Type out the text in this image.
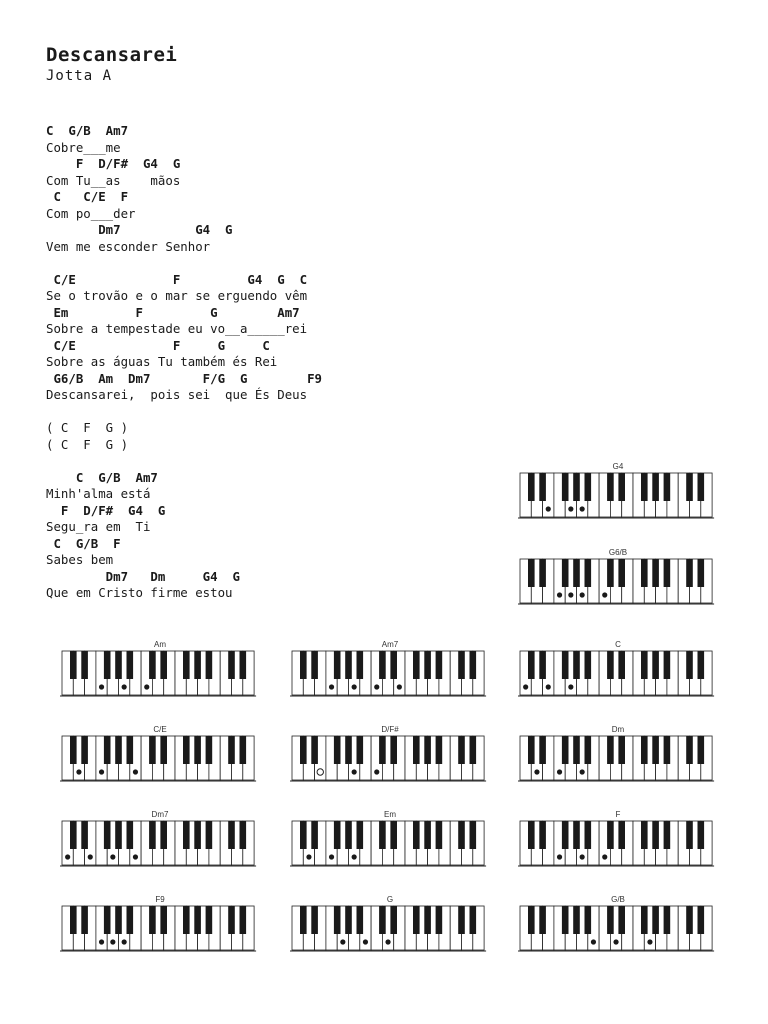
Descansarei
Jotta A
C  G/B  Am7
Cobre___me
F  D/F#  G4  G
Com Tu__as    mãos
C   C/E  F
Com po___der
Dm7          G4  G
Vem me esconder Senhor
C/E             F         G4  G  C
Se o trovão e o mar se erguendo vêm
Em         F         G        Am7
Sobre a tempestade eu vo__a_____rei
C/E             F     G     C
Sobre as águas Tu também és Rei
G6/B  Am  Dm7       F/G  G        F9
Descansarei,  pois sei  que És Deus
( C  F  G )
( C  F  G )
C  G/B  Am7
Minh'alma está
F  D/F#  G4  G
Segu_ra em  Ti
C  G/B  F
Sabes bem
Dm7   Dm     G4  G
Que em Cristo firme estou
G4
G6/B
Am	Am7	C
C/E	D/F#	Dm
Dm7	Em	F
F9	G	G/B
